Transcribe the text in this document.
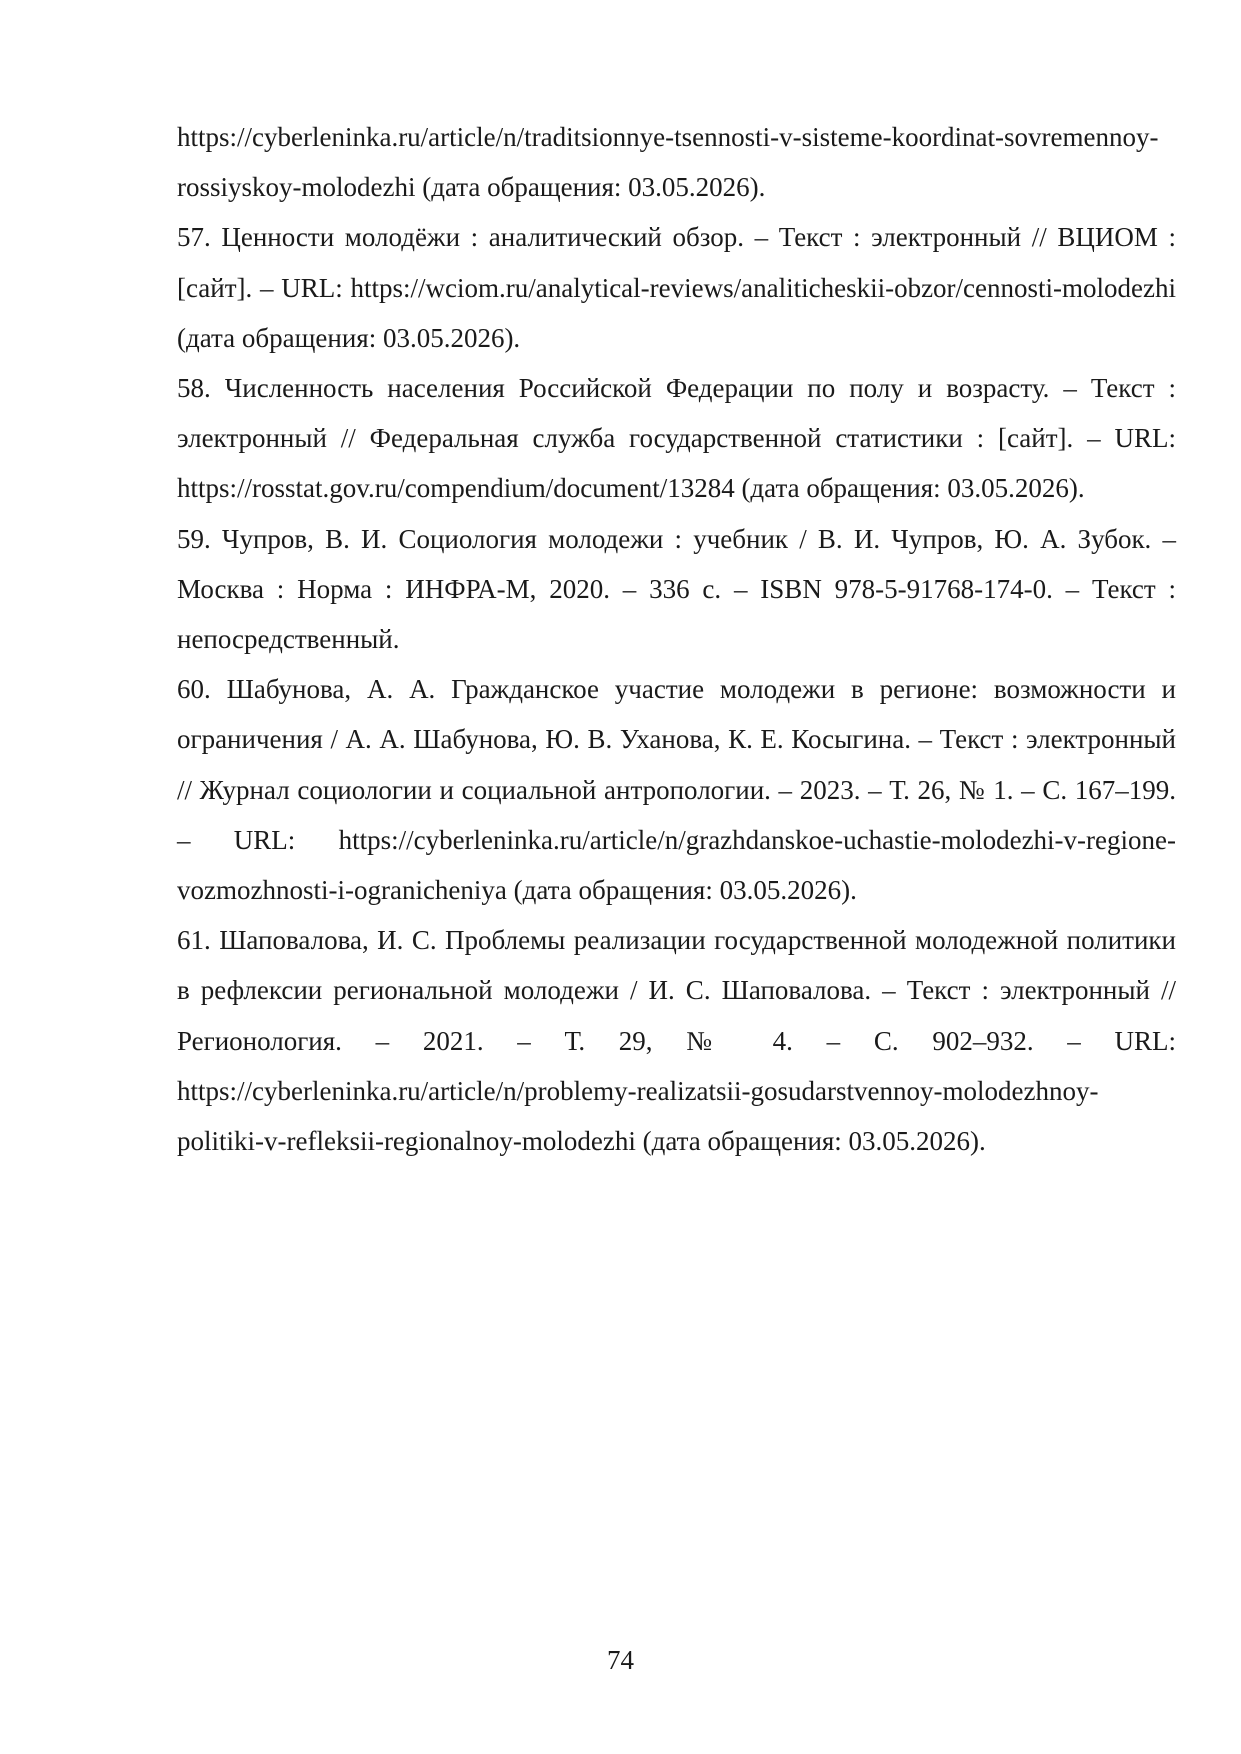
https://cyberleninka.ru/article/n/traditsionnye-tsennosti-v-sisteme-koordinat-sovremennoy-rossiyskoy-molodezhi (дата обращения: 03.05.2026).

57. Ценности молодёжи : аналитический обзор. – Текст : электронный // ВЦИОМ : [сайт]. – URL: https://wciom.ru/analytical-reviews/analiticheskii-obzor/cennosti-molodezhi (дата обращения: 03.05.2026).

58. Численность населения Российской Федерации по полу и возрасту. – Текст : электронный // Федеральная служба государственной статистики : [сайт]. – URL: https://rosstat.gov.ru/compendium/document/13284 (дата обращения: 03.05.2026).

59. Чупров, В. И. Социология молодежи : учебник / В. И. Чупров, Ю. А. Зубок. – Москва : Норма : ИНФРА-М, 2020. – 336 с. – ISBN 978-5-91768-174-0. – Текст : непосредственный.

60. Шабунова, А. А. Гражданское участие молодежи в регионе: возможности и ограничения / А. А. Шабунова, Ю. В. Уханова, К. Е. Косыгина. – Текст : электронный // Журнал социологии и социальной антропологии. – 2023. – Т. 26, № 1. – С. 167–199. – URL: https://cyberleninka.ru/article/n/grazhdanskoe-uchastie-molodezhi-v-regione-vozmozhnosti-i-ogranicheniya (дата обращения: 03.05.2026).

61. Шаповалова, И. С. Проблемы реализации государственной молодежной политики в рефлексии региональной молодежи / И. С. Шаповалова. – Текст : электронный // Регионология. – 2021. – Т. 29, № 4. – С. 902–932. – URL: https://cyberleninka.ru/article/n/problemy-realizatsii-gosudarstvennoy-molodezhnoy-politiki-v-refleksii-regionalnoy-molodezhi (дата обращения: 03.05.2026).

74
